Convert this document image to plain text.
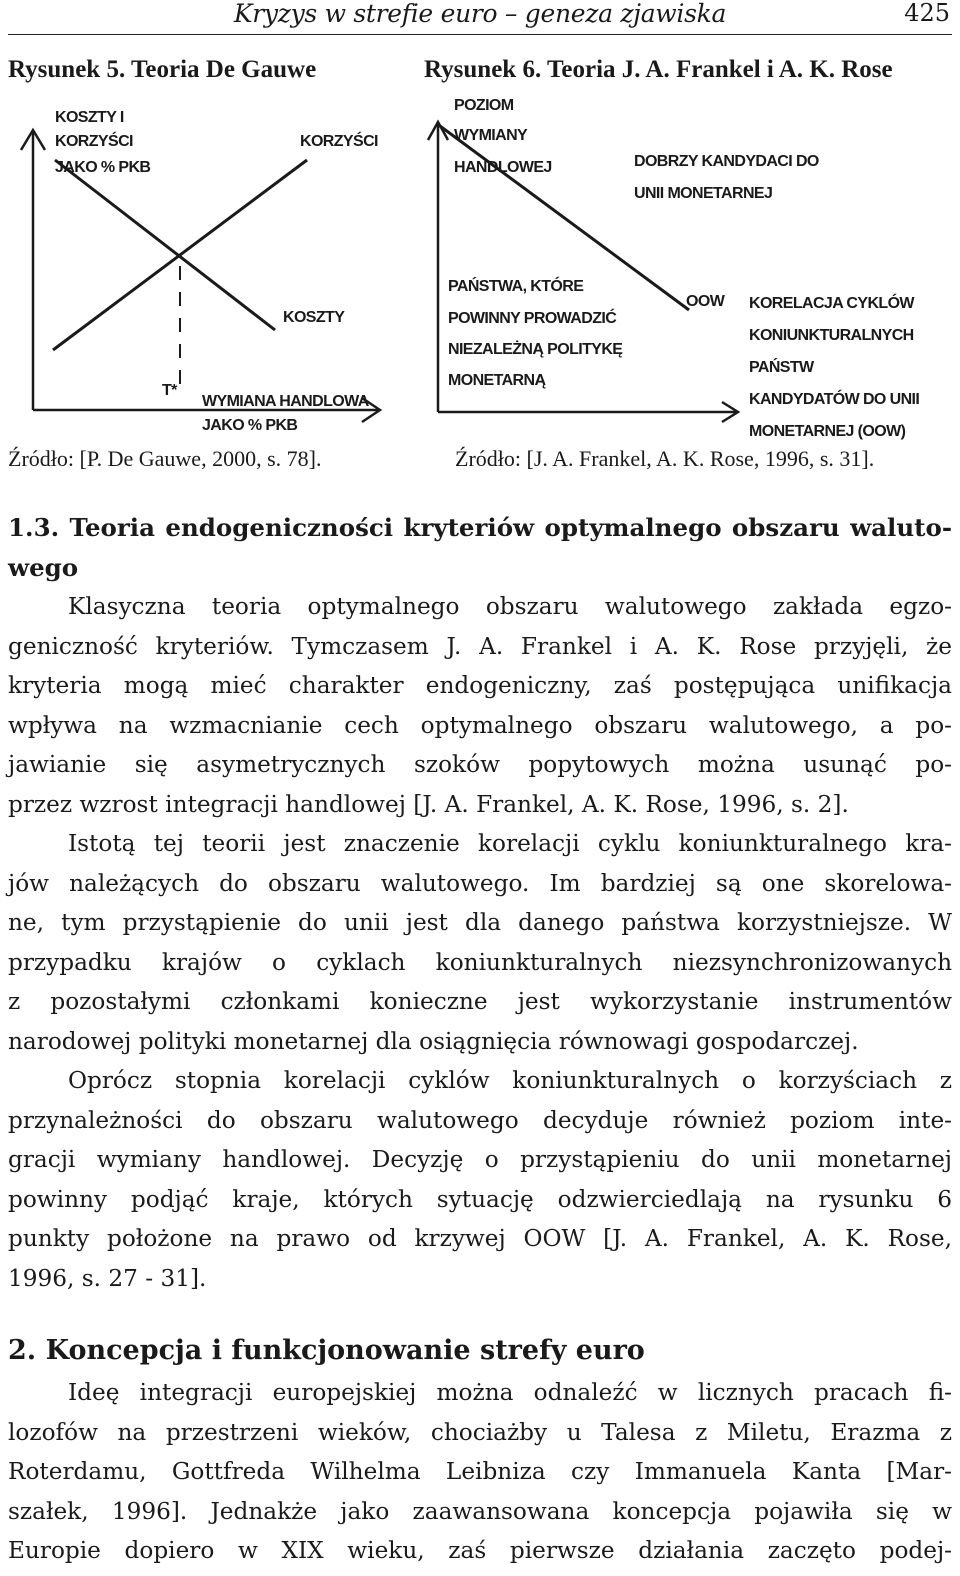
Kryzys w strefie euro – geneza zjawiska	425
Rysunek 5. Teoria De Gauwe	Rysunek 6. Teoria J. A. Frankel i A. K. Rose
KOSZTY I
KORZYŚCI
JAKO % PKB
KORZYŚCI
KOSZTY
T*
WYMIANA HANDLOWA
JAKO % PKB
POZIOM
WYMIANY
HANDLOWEJ	DOBRZY KANDYDACI DO
UNII MONETARNEJ
PAŃSTWA, KTÓRE
POWINNY PROWADZIĆ
NIEZALEŻNĄ POLITYKĘ
MONETARNĄ
OOW KORELACJA CYKLÓW
KONIUNKTURALNYCH
PAŃSTW
KANDYDATÓW DO UNII
MONETARNEJ (OOW)
Źródło: [P. De Gauwe, 2000, s. 78].	Źródło: [J. A. Frankel, A. K. Rose, 1996, s. 31].
1.3. Teoria endogeniczności kryteriów optymalnego obszaru waluto-
wego
Klasyczna teoria optymalnego obszaru walutowego zakłada egzo-
geniczność kryteriów. Tymczasem J. A. Frankel i A. K. Rose przyjęli, że
kryteria mogą mieć charakter endogeniczny, zaś postępująca unifikacja
wpływa na wzmacnianie cech optymalnego obszaru walutowego, a po-
jawianie się asymetrycznych szoków popytowych można usunąć po-
przez wzrost integracji handlowej [J. A. Frankel, A. K. Rose, 1996, s. 2].
Istotą tej teorii jest znaczenie korelacji cyklu koniunkturalnego kra-
jów należących do obszaru walutowego. Im bardziej są one skorelowa-
ne, tym przystąpienie do unii jest dla danego państwa korzystniejsze. W
przypadku krajów o cyklach koniunkturalnych niezsynchronizowanych
z pozostałymi członkami konieczne jest wykorzystanie instrumentów
narodowej polityki monetarnej dla osiągnięcia równowagi gospodarczej.
Oprócz stopnia korelacji cyklów koniunkturalnych o korzyściach z
przynależności do obszaru walutowego decyduje również poziom inte-
gracji wymiany handlowej. Decyzję o przystąpieniu do unii monetarnej
powinny podjąć kraje, których sytuację odzwierciedlają na rysunku 6
punkty położone na prawo od krzywej OOW [J. A. Frankel, A. K. Rose,
1996, s. 27 - 31].
2. Koncepcja i funkcjonowanie strefy euro
Ideę integracji europejskiej można odnaleźć w licznych pracach fi-
lozofów na przestrzeni wieków, chociażby u Talesa z Miletu, Erazma z
Roterdamu, Gottfreda Wilhelma Leibniza czy Immanuela Kanta [Mar-
szałek, 1996]. Jednakże jako zaawansowana koncepcja pojawiła się w
Europie dopiero w XIX wieku, zaś pierwsze działania zaczęto podej-
